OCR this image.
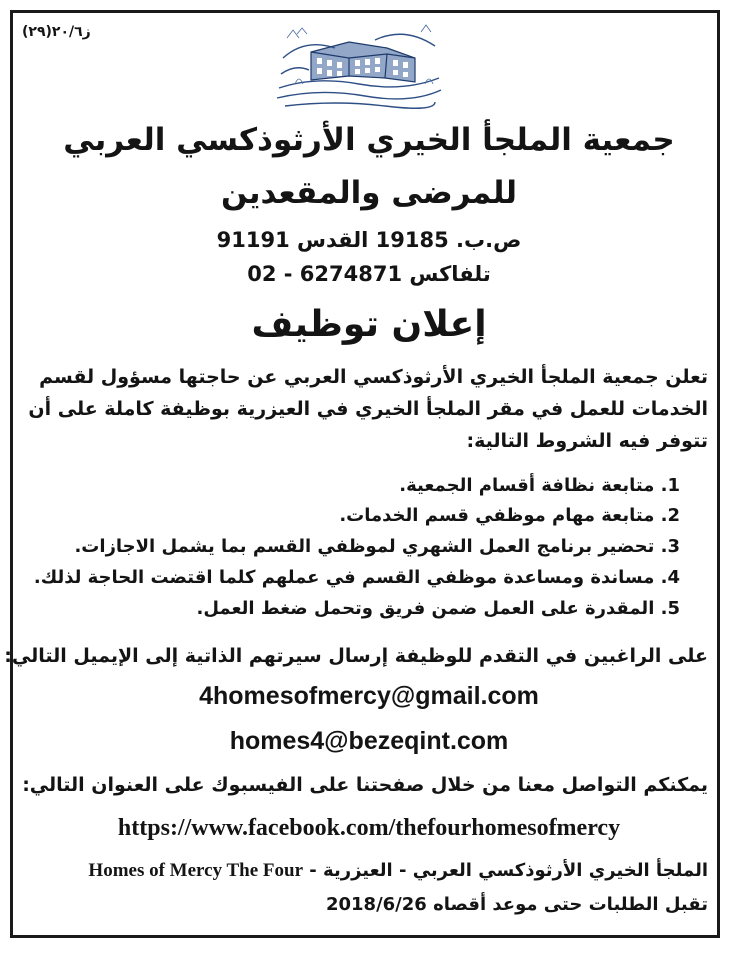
ز٢٠/٦(٢٩)
جمعية الملجأ الخيري الأرثوذكسي العربي
للمرضى والمقعدين
ص.ب. 19185 القدس 91191
تلفاكس 6274871 - 02
إعلان توظيف
تعلن جمعية الملجأ الخيري الأرثوذكسي العربي عن حاجتها مسؤول لقسم
الخدمات للعمل في مقر الملجأ الخيري في العيزرية بوظيفة كاملة على أن
تتوفر فيه الشروط التالية:
1. متابعة نظافة أقسام الجمعية.
2. متابعة مهام موظفي قسم الخدمات.
3. تحضير برنامج العمل الشهري لموظفي القسم بما يشمل الاجازات.
4. مساندة ومساعدة موظفي القسم في عملهم كلما اقتضت الحاجة لذلك.
5. المقدرة على العمل ضمن فريق وتحمل ضغط العمل.
على الراغبين في التقدم للوظيفة إرسال سيرتهم الذاتية إلى الإيميل التالي:
4homesofmercy@gmail.com
homes4@bezeqint.com
يمكنكم التواصل معنا من خلال صفحتنا على الفيسبوك على العنوان التالي:
https://www.facebook.com/thefourhomesofmercy
Homes of Mercy The Four الملجأ الخيري الأرثوذكسي العربي - العيزرية -
تقبل الطلبات حتى موعد أقصاه 2018/6/26
